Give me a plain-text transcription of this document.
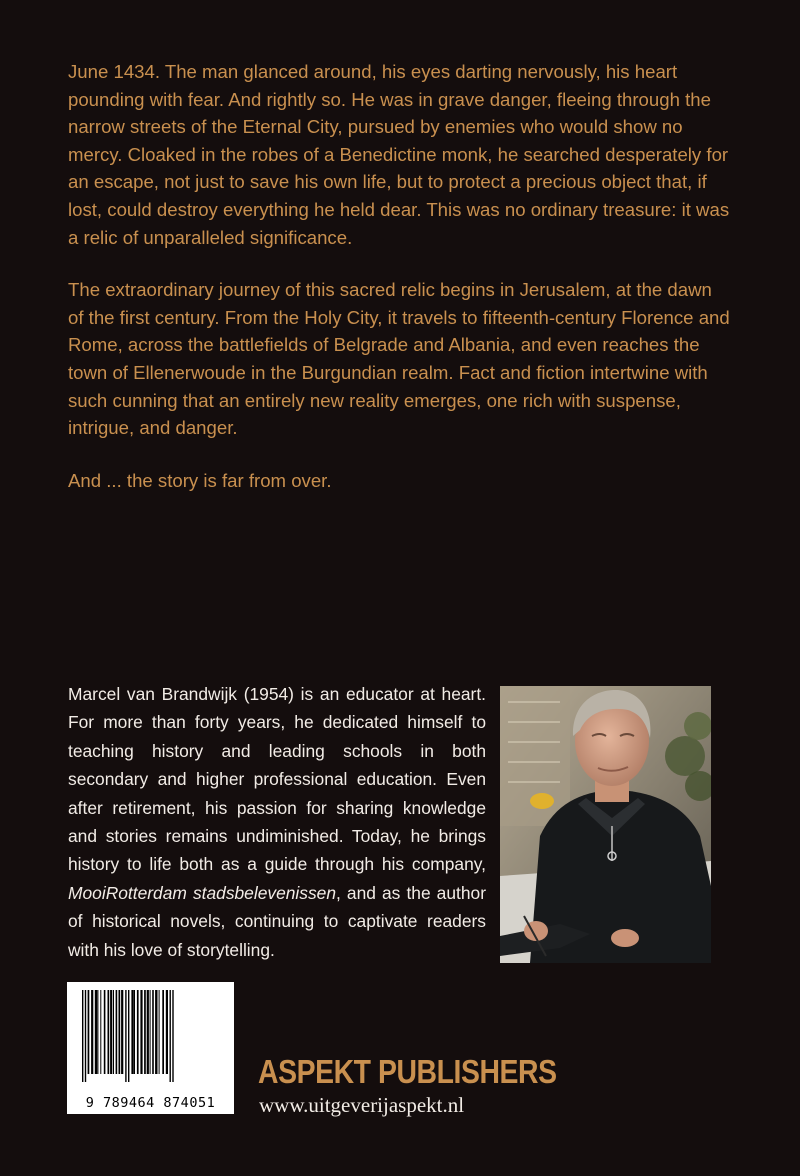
June 1434. The man glanced around, his eyes darting nervously, his heart pounding with fear. And rightly so. He was in grave danger, fleeing through the narrow streets of the Eternal City, pursued by enemies who would show no mercy. Cloaked in the robes of a Benedictine monk, he searched desperately for an escape, not just to save his own life, but to protect a precious object that, if lost, could destroy everything he held dear. This was no ordinary treasure: it was a relic of unparalleled significance.

The extraordinary journey of this sacred relic begins in Jerusalem, at the dawn of the first century. From the Holy City, it travels to fifteenth-century Florence and Rome, across the battlefields of Belgrade and Albania, and even reaches the town of Ellenerwoude in the Burgundian realm. Fact and fiction intertwine with such cunning that an entirely new reality emerges, one rich with suspense, intrigue, and danger.

And ... the story is far from over.

Marcel van Brandwijk (1954) is an educator at heart. For more than forty years, he dedicated himself to teaching history and leading schools in both secondary and higher professional education. Even after retirement, his passion for sharing knowledge and stories remains undiminished. Today, he brings history to life both as a guide through his company, MooiRotterdam stadsbelevenissen, and as the author of historical novels, continuing to captivate readers with his love of storytelling.

9 789464 874051
ASPEKT PUBLISHERS
www.uitgeverijaspekt.nl
